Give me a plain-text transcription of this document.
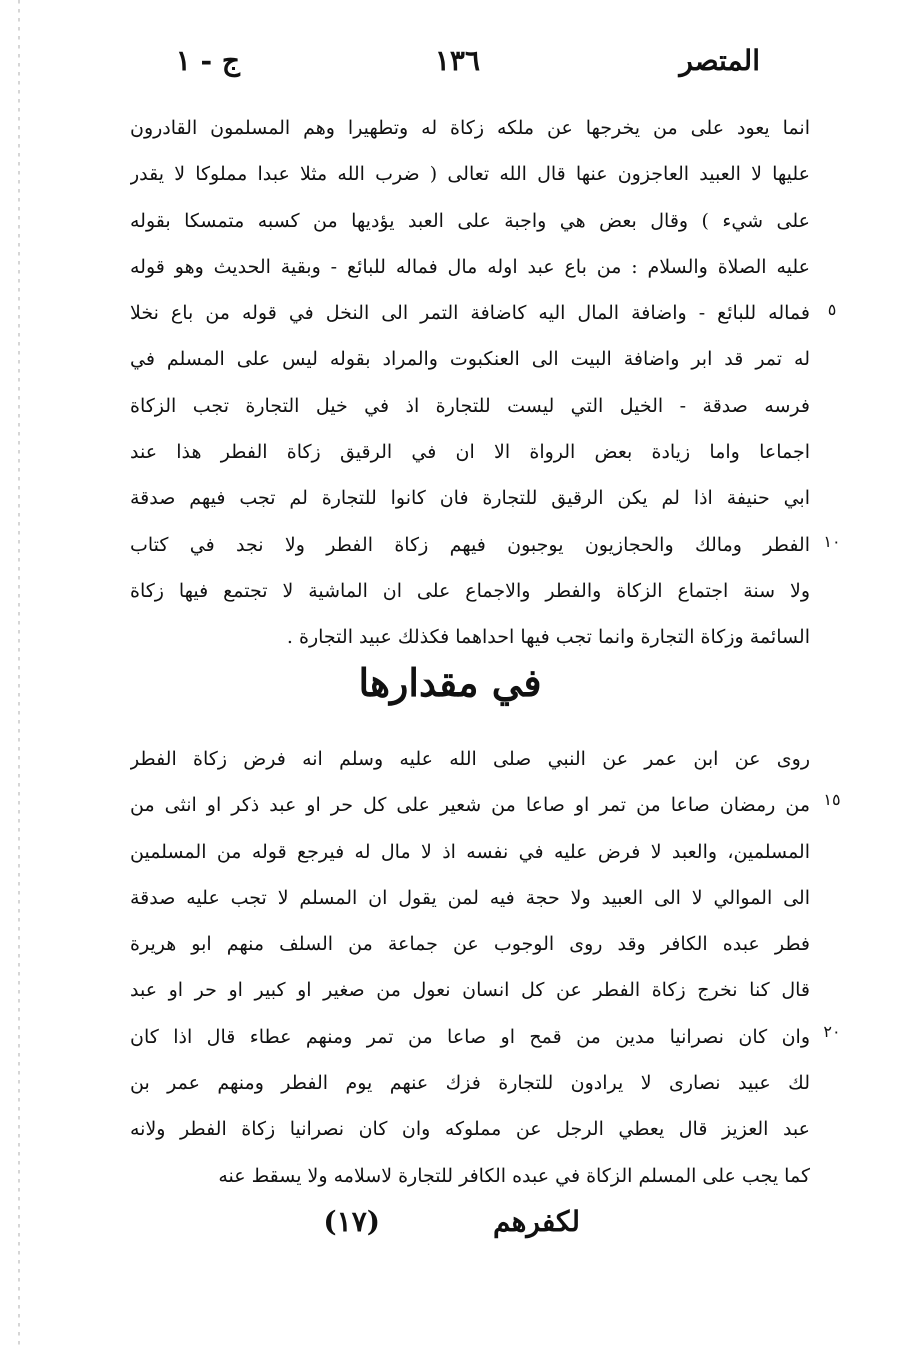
المتصر
١٣٦
ج - ١
انما يعود على من يخرجها عن ملكه زكاة له وتطهيرا وهم المسلمون القادرون
عليها لا العبيد العاجزون عنها قال الله تعالى ( ضرب الله مثلا عبدا مملوكا لا يقدر
على شيء ) وقال بعض هي واجبة على العبد يؤديها من كسبه متمسكا بقوله
عليه الصلاة والسلام : من باع عبد اوله مال فماله للبائع - وبقية الحديث وهو قوله
فماله للبائع - واضافة المال اليه كاضافة التمر الى النخل في قوله من باع نخلا
له تمر قد ابر واضافة البيت الى العنكبوت والمراد بقوله ليس على المسلم في
فرسه صدقة - الخيل التي ليست للتجارة اذ في خيل التجارة تجب الزكاة
اجماعا واما زيادة بعض الرواة الا ان في الرقيق زكاة الفطر هذا عند
ابي حنيفة اذا لم يكن الرقيق للتجارة فان كانوا للتجارة لم تجب فيهم صدقة
الفطر ومالك والحجازيون يوجبون فيهم زكاة الفطر ولا نجد في كتاب
ولا سنة اجتماع الزكاة والفطر والاجماع على ان الماشية لا تجتمع فيها زكاة
السائمة وزكاة التجارة وانما تجب فيها احداهما فكذلك عبيد التجارة .
في مقدارها
روى عن ابن عمر عن النبي صلى الله عليه وسلم انه فرض زكاة الفطر
من رمضان صاعا من تمر او صاعا من شعير على كل حر او عبد ذكر او انثى من
المسلمين، والعبد لا فرض عليه في نفسه اذ لا مال له فيرجع قوله من المسلمين
الى الموالي لا الى العبيد ولا حجة فيه لمن يقول ان المسلم لا تجب عليه صدقة
فطر عبده الكافر وقد روى الوجوب عن جماعة من السلف منهم ابو هريرة
قال كنا نخرج زكاة الفطر عن كل انسان نعول من صغير او كبير او حر او عبد
وان كان نصرانيا مدين من قمح او صاعا من تمر ومنهم عطاء قال اذا كان
لك عبيد نصارى لا يرادون للتجارة فزك عنهم يوم الفطر ومنهم عمر بن
عبد العزيز قال يعطي الرجل عن مملوكه وان كان نصرانيا زكاة الفطر ولانه
كما يجب على المسلم الزكاة في عبده الكافر للتجارة لاسلامه ولا يسقط عنه
٥
١٠
١٥
٢٠
(١٧)	لكفرهم
